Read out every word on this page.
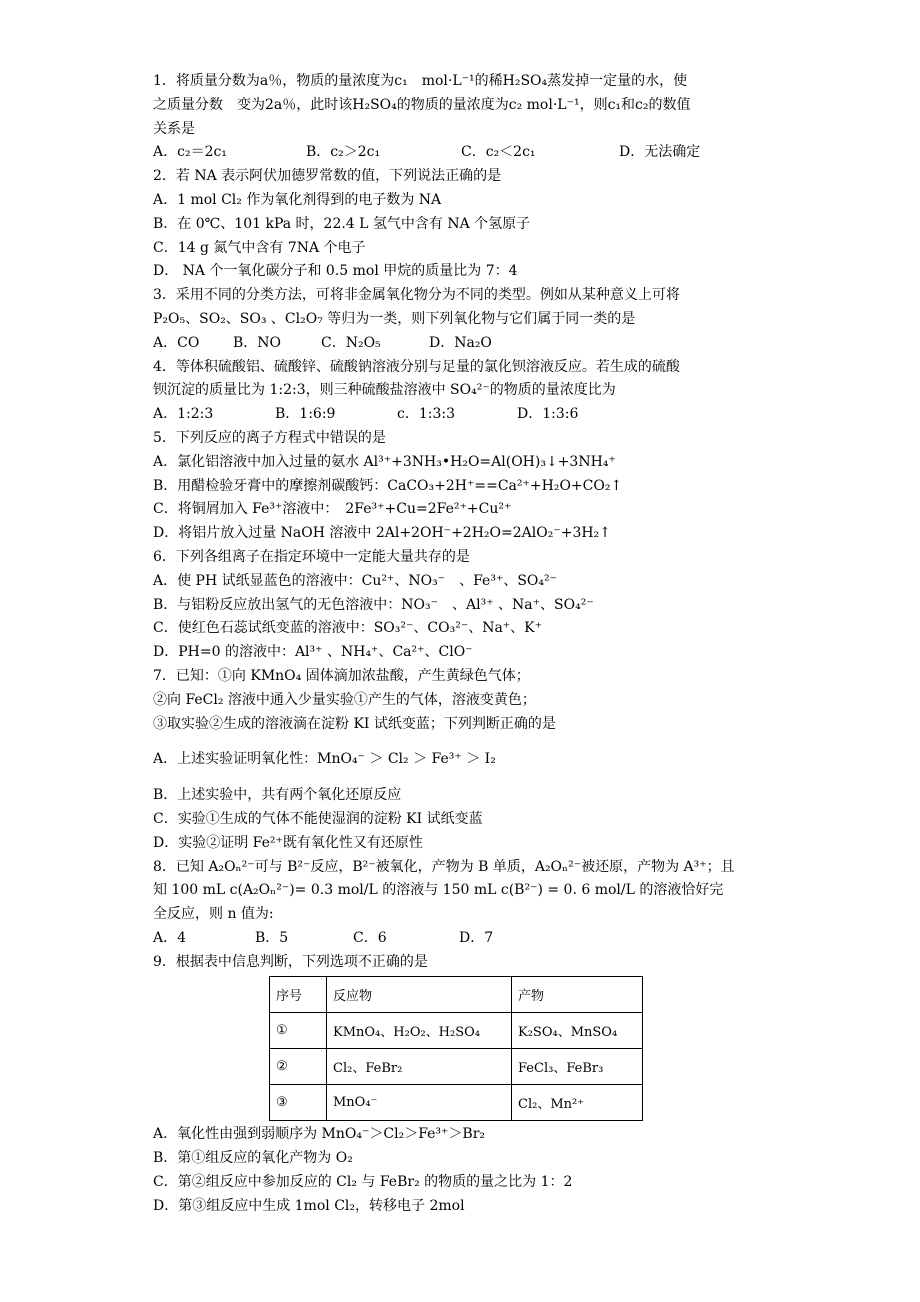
1．将质量分数为a％，物质的量浓度为c₁　mol·L⁻¹的稀H₂SO₄蒸发掉一定量的水，使
之质量分数　变为2a％，此时该H₂SO₄的物质的量浓度为c₂ mol·L⁻¹，则c₁和c₂的数值
关系是
A．c₂＝2c₁	B．c₂＞2c₁	C．c₂＜2c₁	D．无法确定
2．若 NA 表示阿伏加德罗常数的值，下列说法正确的是
A．1 mol Cl₂ 作为氧化剂得到的电子数为 NA
B．在 0℃、101 kPa 时，22.4 L 氢气中含有 NA 个氢原子
C．14 g 氮气中含有 7NA 个电子
D． NA 个一氧化碳分子和 0.5 mol 甲烷的质量比为 7：4
3．采用不同的分类方法，可将非金属氧化物分为不同的类型。例如从某种意义上可将
P₂O₅、SO₂、SO₃ 、Cl₂O₇ 等归为一类，则下列氧化物与它们属于同一类的是
A．CO B．NO	C．N₂O₅	D．Na₂O
4．等体积硫酸铝、硫酸锌、硫酸钠溶液分别与足量的氯化钡溶液反应。若生成的硫酸
钡沉淀的质量比为 1:2:3，则三种硫酸盐溶液中 SO₄²⁻的物质的量浓度比为
A．1:2:3	B．1:6:9	c．1:3:3	D．1:3:6
5．下列反应的离子方程式中错误的是
A．氯化铝溶液中加入过量的氨水 Al³⁺+3NH₃•H₂O=Al(OH)₃↓+3NH₄⁺
B．用醋检验牙膏中的摩擦剂碳酸钙：CaCO₃+2H⁺==Ca²⁺+H₂O+CO₂↑
C．将铜屑加入 Fe³⁺溶液中：　2Fe³⁺+Cu=2Fe²⁺+Cu²⁺
D．将铝片放入过量 NaOH 溶液中 2Al+2OH⁻+2H₂O=2AlO₂⁻+3H₂↑
6．下列各组离子在指定环境中一定能大量共存的是
A．使 PH 试纸显蓝色的溶液中：Cu²⁺、NO₃⁻　、Fe³⁺、SO₄²⁻
B．与铝粉反应放出氢气的无色溶液中：NO₃⁻　、Al³⁺ 、Na⁺、SO₄²⁻
C．使红色石蕊试纸变蓝的溶液中：SO₃²⁻、CO₃²⁻、Na⁺、K⁺
D．PH=0 的溶液中：Al³⁺ 、NH₄⁺、Ca²⁺、ClO⁻
7．已知：①向 KMnO₄ 固体滴加浓盐酸，产生黄绿色气体；
②向 FeCl₂ 溶液中通入少量实验①产生的气体，溶液变黄色；
③取实验②生成的溶液滴在淀粉 KI 试纸变蓝；下列判断正确的是
A．上述实验证明氧化性：MnO₄⁻ ＞ Cl₂ ＞ Fe³⁺ ＞ I₂
B．上述实验中，共有两个氧化还原反应
C．实验①生成的气体不能使湿润的淀粉 KI 试纸变蓝
D．实验②证明 Fe²⁺既有氧化性又有还原性
8．已知 A₂Oₙ²⁻可与 B²⁻反应，B²⁻被氧化，产物为 B 单质，A₂Oₙ²⁻被还原，产物为 A³⁺；且
知 100 mL c(A₂Oₙ²⁻)= 0.3 mol/L 的溶液与 150 mL c(B²⁻) = 0. 6 mol/L 的溶液恰好完
全反应，则 n 值为:
A．4	B．5	C．6	D．7
9．根据表中信息判断，下列选项不正确的是
序号	反应物	产物
①	KMnO₄、H₂O₂、H₂SO₄	K₂SO₄、MnSO₄
②	Cl₂、FeBr₂	FeCl₃、FeBr₃
③	MnO₄⁻	Cl₂、Mn²⁺
A．氧化性由强到弱顺序为 MnO₄⁻＞Cl₂＞Fe³⁺＞Br₂
B．第①组反应的氧化产物为 O₂
C．第②组反应中参加反应的 Cl₂ 与 FeBr₂ 的物质的量之比为 1：2
D．第③组反应中生成 1mol Cl₂，转移电子 2mol
